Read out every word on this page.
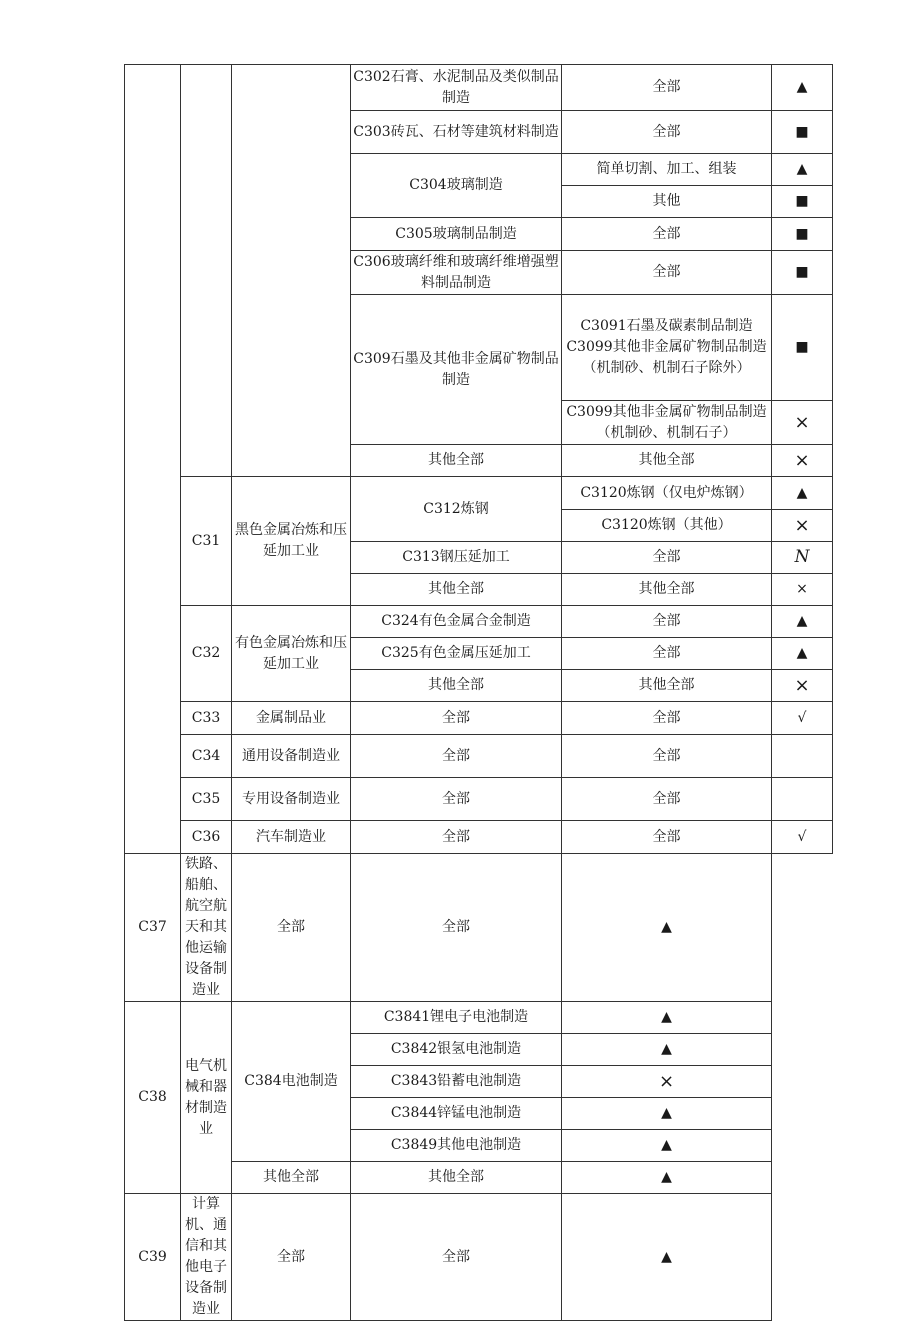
			C302石膏、水泥制品及类似制品制造	全部	▲
			C303砖瓦、石材等建筑材料制造	全部	■
			C304玻璃制造	简单切割、加工、组装	▲
				其他	■
			C305玻璃制品制造	全部	■
			C306玻璃纤维和玻璃纤维增强塑料制品制造	全部	■
			C309石墨及其他非金属矿物制品制造	C3091石墨及碳素制品制造 C3099其他非金属矿物制品制造（机制砂、机制石子除外）	■
				C3099其他非金属矿物制品制造（机制砂、机制石子）	×
			其他全部	其他全部	×
	C31	黑色金属冶炼和压延加工业	C312炼钢	C3120炼钢（仅电炉炼钢）	▲
				C3120炼钢（其他）	×
			C313钢压延加工	全部	N
			其他全部	其他全部	×
	C32	有色金属冶炼和压延加工业	C324有色金属合金制造	全部	▲
			C325有色金属压延加工	全部	▲
			其他全部	其他全部	×
	C33	金属制品业	全部	全部	√
	C34	通用设备制造业	全部	全部	
	C35	专用设备制造业	全部	全部	
	C36	汽车制造业	全部	全部	√
C37	铁路、船舶、航空航天和其他运输设备制造业	全部	全部	▲	
C38	电气机械和器材制造业	C384电池制造	C3841锂电子电池制造	▲	
			C3842银氢电池制造	▲	
			C3843铅蓄电池制造	×	
			C3844锌锰电池制造	▲	
			C3849其他电池制造	▲	
		其他全部	其他全部	▲	
C39	计算机、通信和其他电子设备制造业	全部	全部	▲	
